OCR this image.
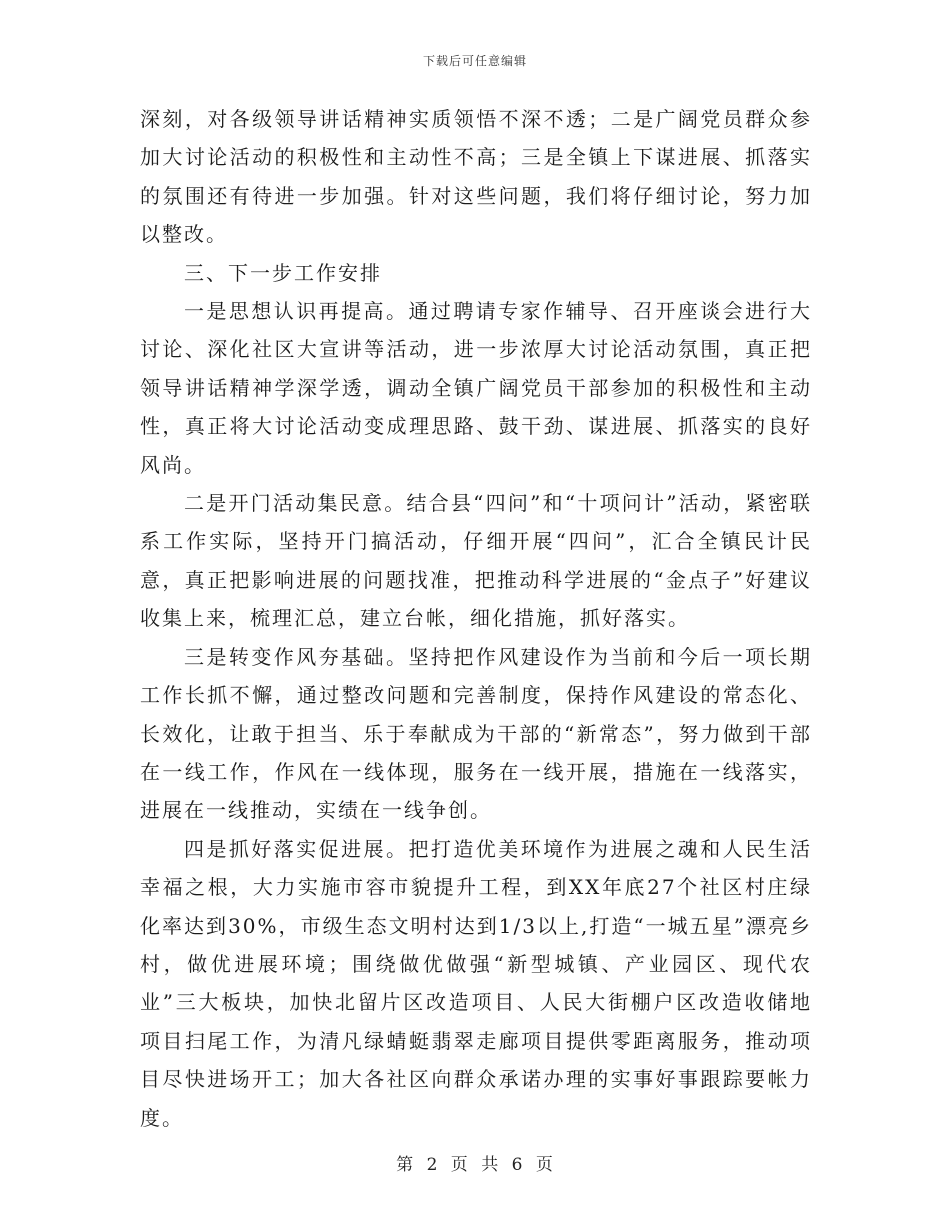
下载后可任意编辑

深刻，对各级领导讲话精神实质领悟不深不透；二是广阔党员群众参加大讨论活动的积极性和主动性不高；三是全镇上下谋进展、抓落实的氛围还有待进一步加强。针对这些问题，我们将仔细讨论，努力加以整改。

三、下一步工作安排

一是思想认识再提高。通过聘请专家作辅导、召开座谈会进行大讨论、深化社区大宣讲等活动，进一步浓厚大讨论活动氛围，真正把领导讲话精神学深学透，调动全镇广阔党员干部参加的积极性和主动性，真正将大讨论活动变成理思路、鼓干劲、谋进展、抓落实的良好风尚。

二是开门活动集民意。结合县“四问”和“十项问计”活动，紧密联系工作实际，坚持开门搞活动，仔细开展“四问”，汇合全镇民计民意，真正把影响进展的问题找准，把推动科学进展的“金点子”好建议收集上来，梳理汇总，建立台帐，细化措施，抓好落实。

三是转变作风夯基础。坚持把作风建设作为当前和今后一项长期工作长抓不懈，通过整改问题和完善制度，保持作风建设的常态化、长效化，让敢于担当、乐于奉献成为干部的“新常态”，努力做到干部在一线工作，作风在一线体现，服务在一线开展，措施在一线落实，进展在一线推动，实绩在一线争创。

四是抓好落实促进展。把打造优美环境作为进展之魂和人民生活幸福之根，大力实施市容市貌提升工程，到XX年底27个社区村庄绿化率达到30%，市级生态文明村达到1/3以上,打造“一城五星”漂亮乡村，做优进展环境；围绕做优做强“新型城镇、产业园区、现代农业”三大板块，加快北留片区改造项目、人民大街棚户区改造收储地项目扫尾工作，为清凡绿蜻蜓翡翠走廊项目提供零距离服务，推动项目尽快进场开工；加大各社区向群众承诺办理的实事好事跟踪要帐力度。

第 2 页 共 6 页
